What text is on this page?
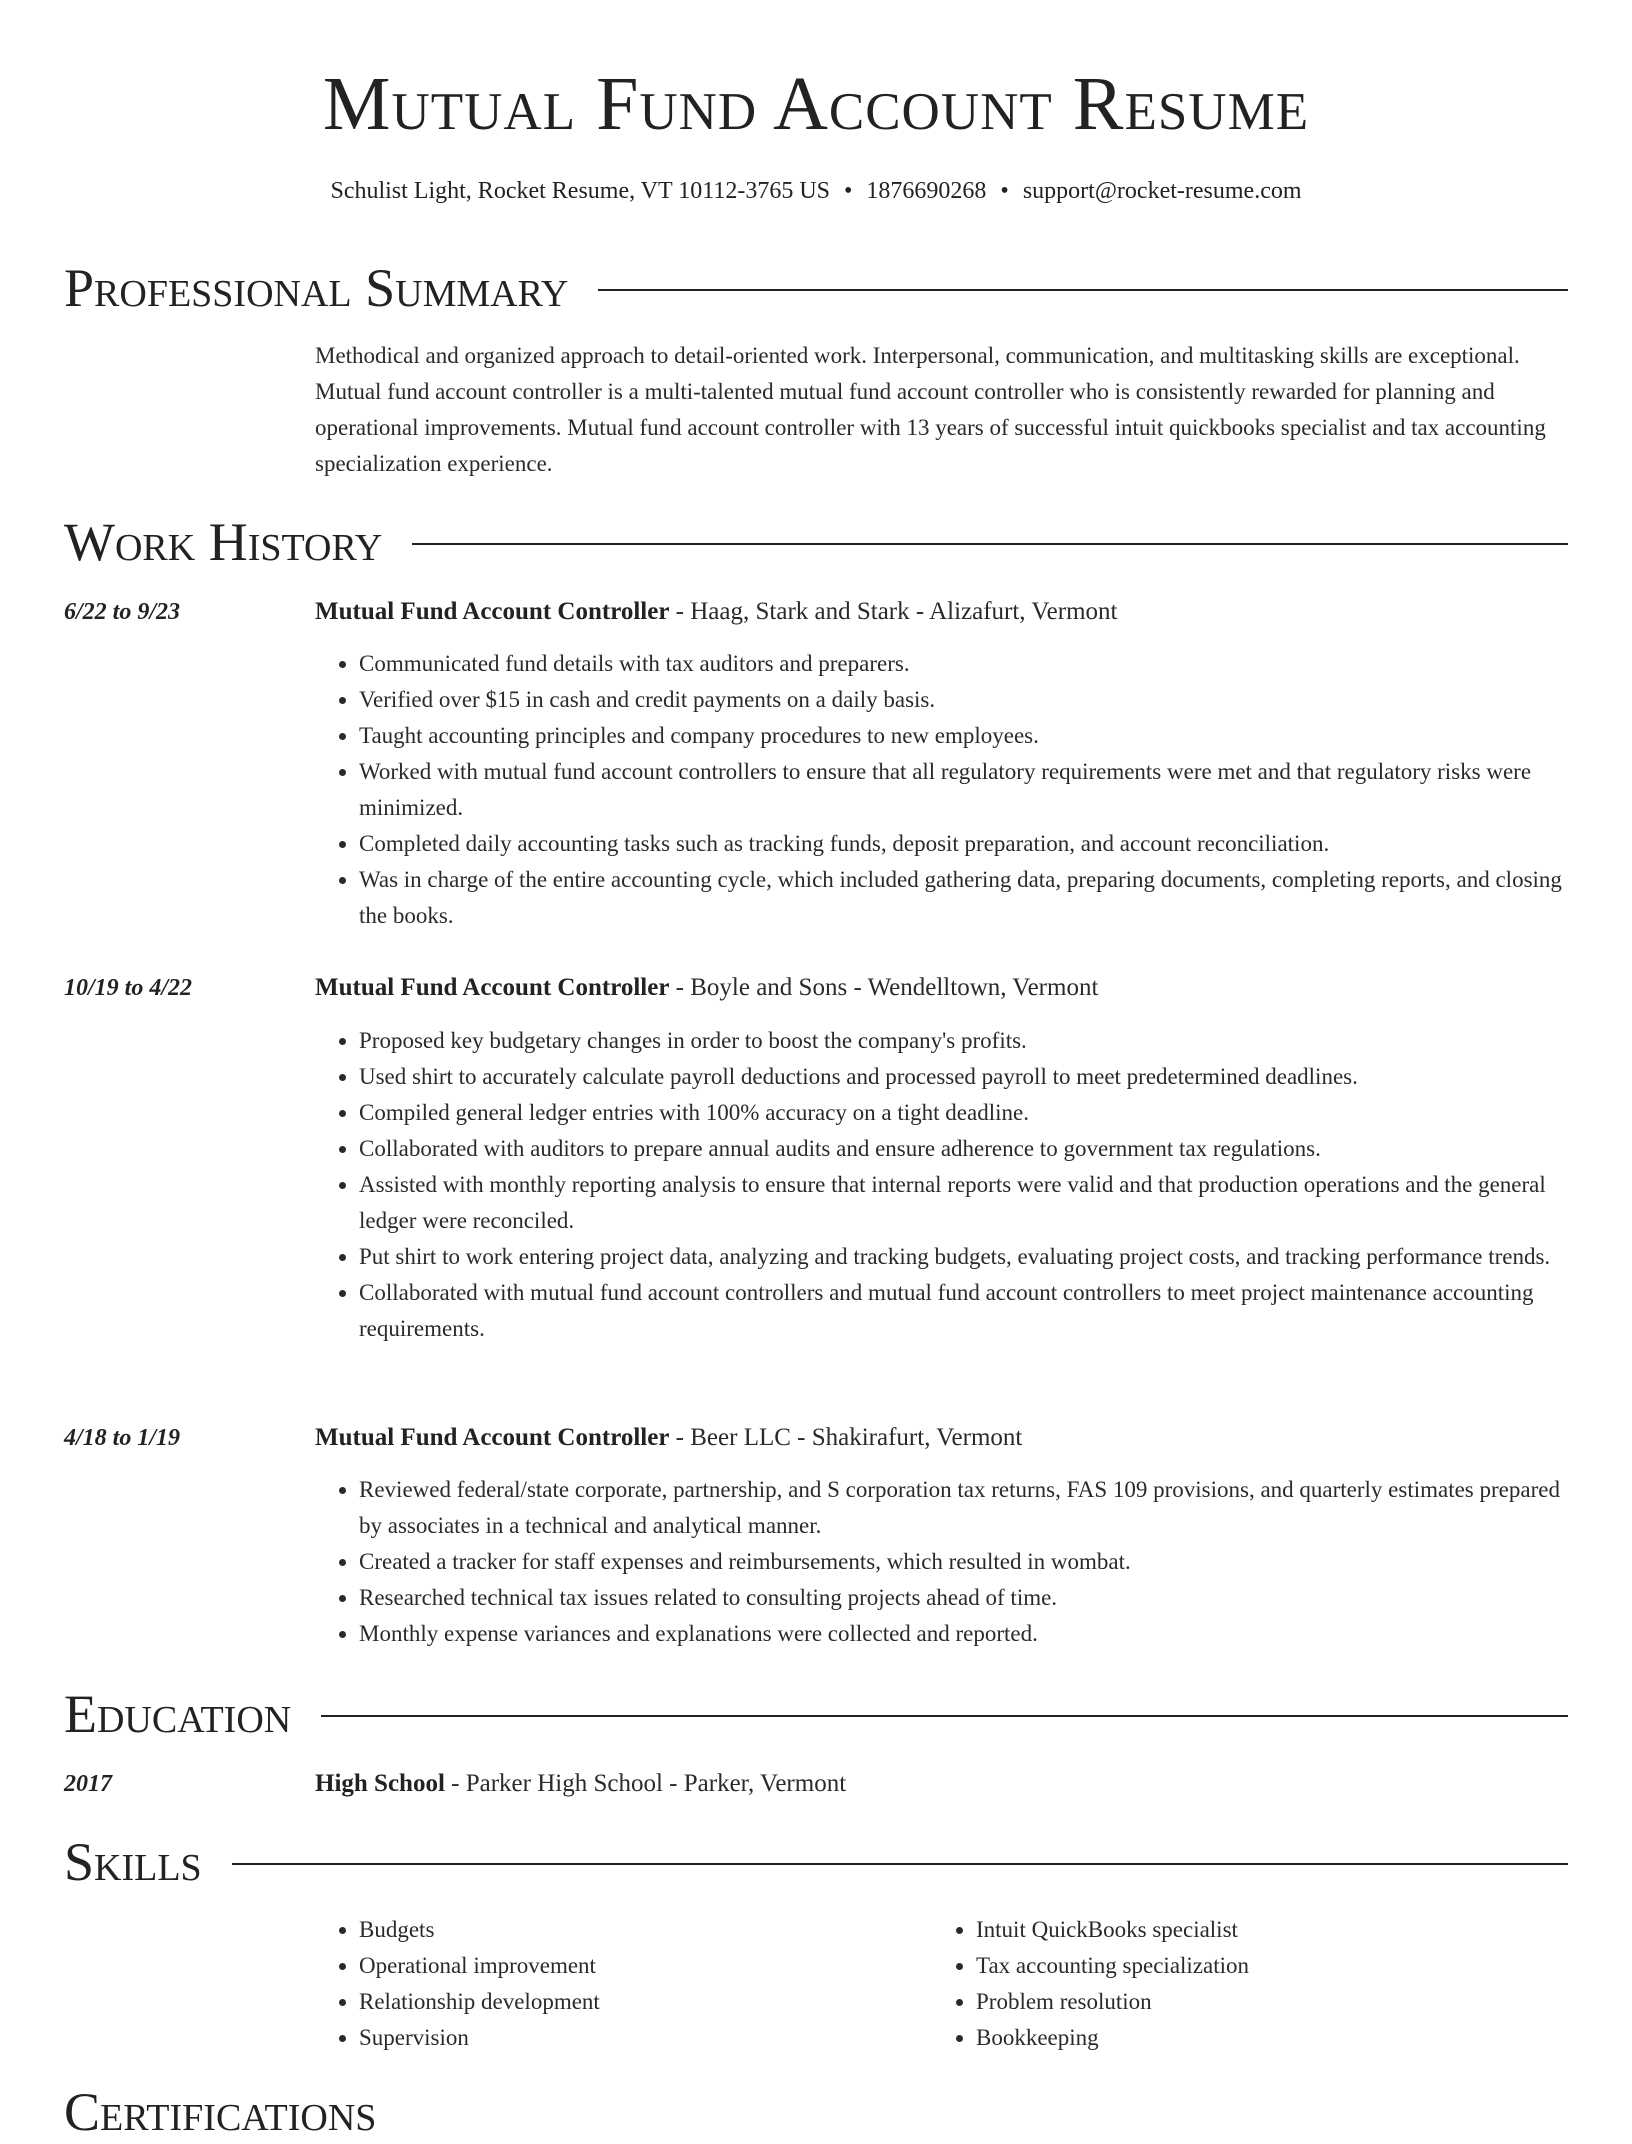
Mutual Fund Account Resume
Schulist Light, Rocket Resume, VT 10112-3765 US • 1876690268 • support@rocket-resume.com
Professional Summary
Methodical and organized approach to detail-oriented work. Interpersonal, communication, and multitasking skills are exceptional. Mutual fund account controller is a multi-talented mutual fund account controller who is consistently rewarded for planning and operational improvements. Mutual fund account controller with 13 years of successful intuit quickbooks specialist and tax accounting specialization experience.
Work History
6/22 to 9/23	Mutual Fund Account Controller - Haag, Stark and Stark - Alizafurt, Vermont
• Communicated fund details with tax auditors and preparers.
• Verified over $15 in cash and credit payments on a daily basis.
• Taught accounting principles and company procedures to new employees.
• Worked with mutual fund account controllers to ensure that all regulatory requirements were met and that regulatory risks were minimized.
• Completed daily accounting tasks such as tracking funds, deposit preparation, and account reconciliation.
• Was in charge of the entire accounting cycle, which included gathering data, preparing documents, completing reports, and closing the books.
10/19 to 4/22	Mutual Fund Account Controller - Boyle and Sons - Wendelltown, Vermont
• Proposed key budgetary changes in order to boost the company's profits.
• Used shirt to accurately calculate payroll deductions and processed payroll to meet predetermined deadlines.
• Compiled general ledger entries with 100% accuracy on a tight deadline.
• Collaborated with auditors to prepare annual audits and ensure adherence to government tax regulations.
• Assisted with monthly reporting analysis to ensure that internal reports were valid and that production operations and the general ledger were reconciled.
• Put shirt to work entering project data, analyzing and tracking budgets, evaluating project costs, and tracking performance trends.
• Collaborated with mutual fund account controllers and mutual fund account controllers to meet project maintenance accounting requirements.
4/18 to 1/19	Mutual Fund Account Controller - Beer LLC - Shakirafurt, Vermont
• Reviewed federal/state corporate, partnership, and S corporation tax returns, FAS 109 provisions, and quarterly estimates prepared by associates in a technical and analytical manner.
• Created a tracker for staff expenses and reimbursements, which resulted in wombat.
• Researched technical tax issues related to consulting projects ahead of time.
• Monthly expense variances and explanations were collected and reported.
Education
2017	High School - Parker High School - Parker, Vermont
Skills
• Budgets
• Operational improvement
• Relationship development
• Supervision
• Intuit QuickBooks specialist
• Tax accounting specialization
• Problem resolution
• Bookkeeping
Certifications
